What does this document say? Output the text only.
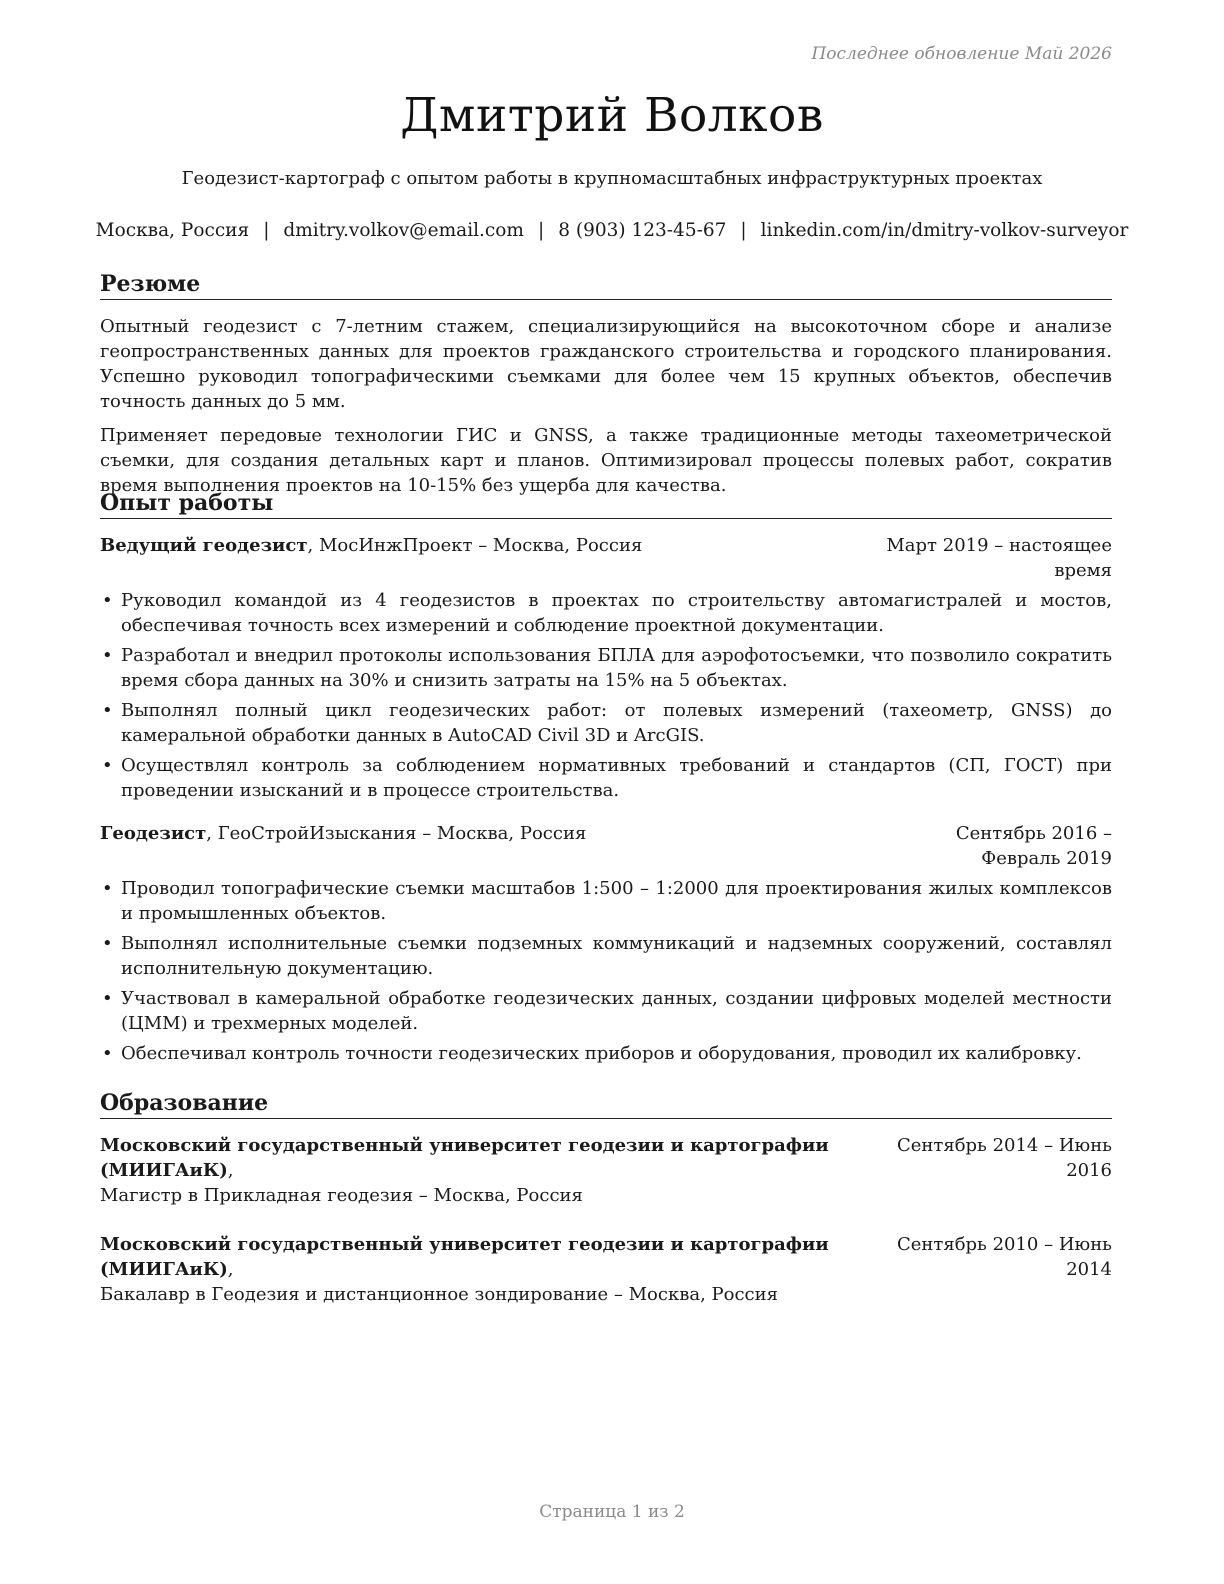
Последнее обновление Май 2026
Дмитрий Волков
Геодезист-картограф с опытом работы в крупномасштабных инфраструктурных проектах
Москва, Россия | dmitry.volkov@email.com | 8 (903) 123-45-67 | linkedin.com/in/dmitry-volkov-surveyor
Резюме

Опытный геодезист с 7-летним стажем, специализирующийся на высокоточном сборе и анализе геопространственных данных для проектов гражданского строительства и городского планирования. Успешно руководил топографическими съемками для более чем 15 крупных объектов, обеспечив точность данных до 5 мм.

Применяет передовые технологии ГИС и GNSS, а также традиционные методы тахеометрической съемки, для создания детальных карт и планов. Оптимизировал процессы полевых работ, сократив время выполнения проектов на 10-15% без ущерба для качества.

Опыт работы
Ведущий геодезист, МосИнжПроект – Москва, Россия	Март 2019 – настоящее время
• Руководил командой из 4 геодезистов в проектах по строительству автомагистралей и мостов, обеспечивая точность всех измерений и соблюдение проектной документации.
• Разработал и внедрил протоколы использования БПЛА для аэрофотосъемки, что позволило сократить время сбора данных на 30% и снизить затраты на 15% на 5 объектах.
• Выполнял полный цикл геодезических работ: от полевых измерений (тахеометр, GNSS) до камеральной обработки данных в AutoCAD Civil 3D и ArcGIS.
• Осуществлял контроль за соблюдением нормативных требований и стандартов (СП, ГОСТ) при проведении изысканий и в процессе строительства.
Геодезист, ГеоСтройИзыскания – Москва, Россия	Сентябрь 2016 – Февраль 2019
• Проводил топографические съемки масштабов 1:500 – 1:2000 для проектирования жилых комплексов и промышленных объектов.
• Выполнял исполнительные съемки подземных коммуникаций и надземных сооружений, составлял исполнительную документацию.
• Участвовал в камеральной обработке геодезических данных, создании цифровых моделей местности (ЦММ) и трехмерных моделей.
• Обеспечивал контроль точности геодезических приборов и оборудования, проводил их калибровку.
Образование
Московский государственный университет геодезии и картографии (МИИГАиК),
Магистр в Прикладная геодезия – Москва, Россия
Сентябрь 2014 – Июнь 2016
Московский государственный университет геодезии и картографии (МИИГАиК),
Бакалавр в Геодезия и дистанционное зондирование – Москва, Россия
Сентябрь 2010 – Июнь 2014
Страница 1 из 2
